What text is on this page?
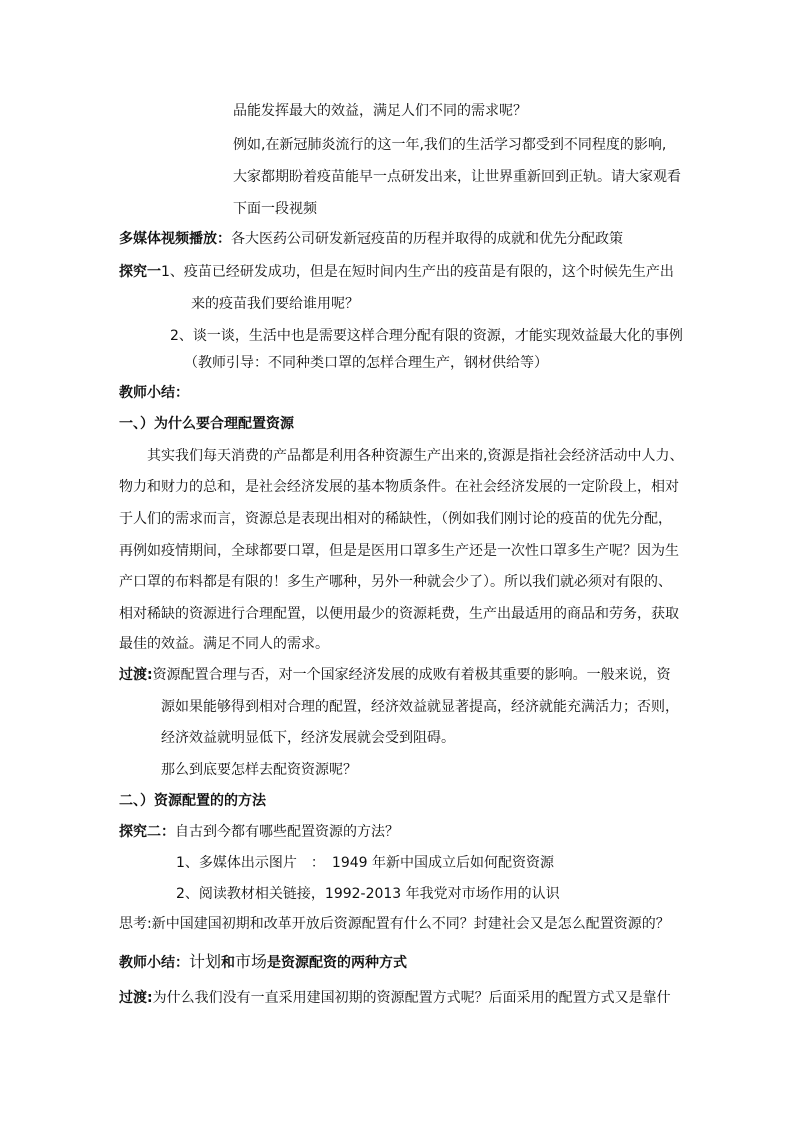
品能发挥最大的效益，满足人们不同的需求呢？
例如,在新冠肺炎流行的这一年,我们的生活学习都受到不同程度的影响,
大家都期盼着疫苗能早一点研发出来，让世界重新回到正轨。请大家观看
下面一段视频
多媒体视频播放：各大医药公司研发新冠疫苗的历程并取得的成就和优先分配政策
探究一1、疫苗已经研发成功，但是在短时间内生产出的疫苗是有限的，这个时候先生产出
来的疫苗我们要给谁用呢？
2、谈一谈，生活中也是需要这样合理分配有限的资源，才能实现效益最大化的事例
（教师引导：不同种类口罩的怎样合理生产，钢材供给等）
教师小结：
一、）为什么要合理配置资源
其实我们每天消费的产品都是利用各种资源生产出来的,资源是指社会经济活动中人力、
物力和财力的总和，是社会经济发展的基本物质条件。在社会经济发展的一定阶段上，相对
于人们的需求而言，资源总是表现出相对的稀缺性，（例如我们刚讨论的疫苗的优先分配，
再例如疫情期间，全球都要口罩，但是是医用口罩多生产还是一次性口罩多生产呢？因为生
产口罩的布料都是有限的！多生产哪种，另外一种就会少了）。所以我们就必须对有限的、
相对稀缺的资源进行合理配置，以便用最少的资源耗费，生产出最适用的商品和劳务，获取
最佳的效益。满足不同人的需求。
过渡:资源配置合理与否，对一个国家经济发展的成败有着极其重要的影响。一般来说，资
源如果能够得到相对合理的配置，经济效益就显著提高，经济就能充满活力；否则，
经济效益就明显低下，经济发展就会受到阻碍。
那么到底要怎样去配资资源呢？
二、）资源配置的的方法
探究二：自古到今都有哪些配置资源的方法？
1、多媒体出示图片　：　1949 年新中国成立后如何配资资源
2、阅读教材相关链接，1992-2013 年我党对市场作用的认识
思考:新中国建国初期和改革开放后资源配置有什么不同？封建社会又是怎么配置资源的？
教师小结：计划和市场是资源配资的两种方式
过渡:为什么我们没有一直采用建国初期的资源配置方式呢？后面采用的配置方式又是靠什
